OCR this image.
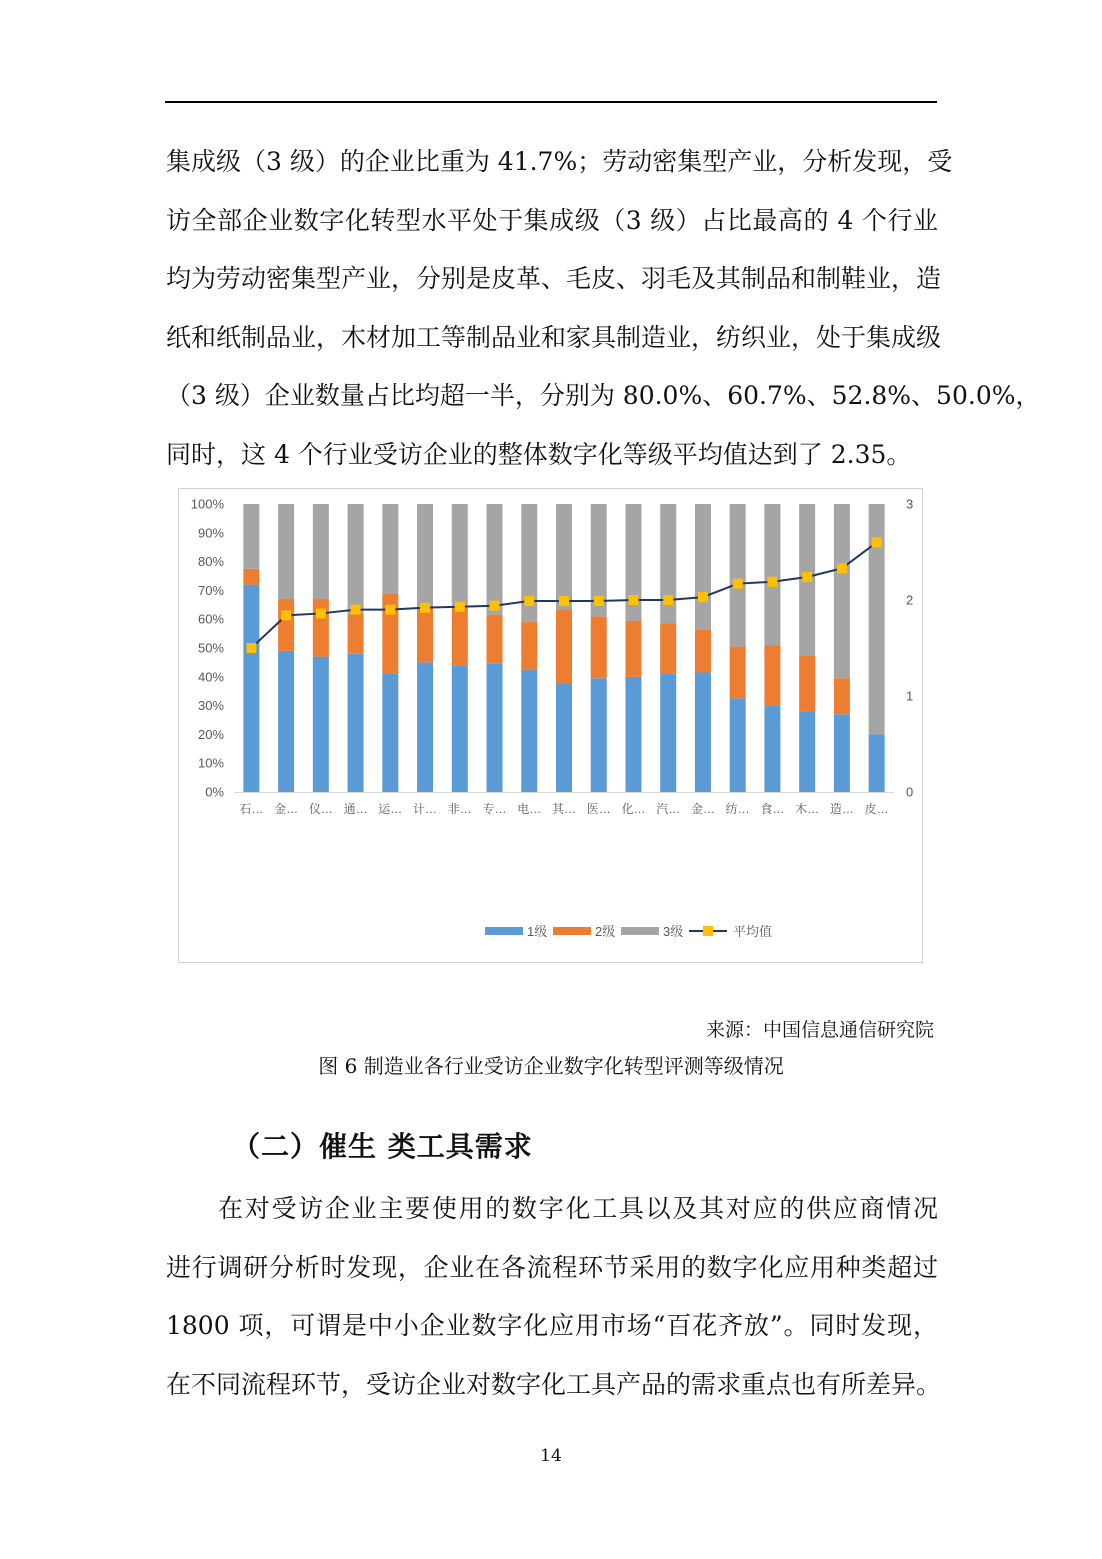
集成级（3 级）的企业比重为 41.7%；劳动密集型产业，分析发现，受
访全部企业数字化转型水平处于集成级（3 级）占比最高的 4 个行业
均为劳动密集型产业，分别是皮革、毛皮、羽毛及其制品和制鞋业，造
纸和纸制品业，木材加工等制品业和家具制造业，纺织业，处于集成级
（3 级）企业数量占比均超一半，分别为 80.0%、60.7%、52.8%、50.0%，
同时，这 4 个行业受访企业的整体数字化等级平均值达到了 2.35。
0%
10%
20%
30%
40%
50%
60%
70%
80%
90%
100%
0
1
2
3
石… 金… 仪… 通… 运… 计… 非… 专… 电… 其… 医… 化… 汽… 金… 纺… 食… 木… 造… 皮…
1级	2级	3级	平均值
来源：中国信息通信研究院
图 6 制造业各行业受访企业数字化转型评测等级情况
（二）催生 类工具需求
在对受访企业主要使用的数字化工具以及其对应的供应商情况
进行调研分析时发现，企业在各流程环节采用的数字化应用种类超过
1800 项，可谓是中小企业数字化应用市场“百花齐放”。同时发现，
在不同流程环节，受访企业对数字化工具产品的需求重点也有所差异。
14
